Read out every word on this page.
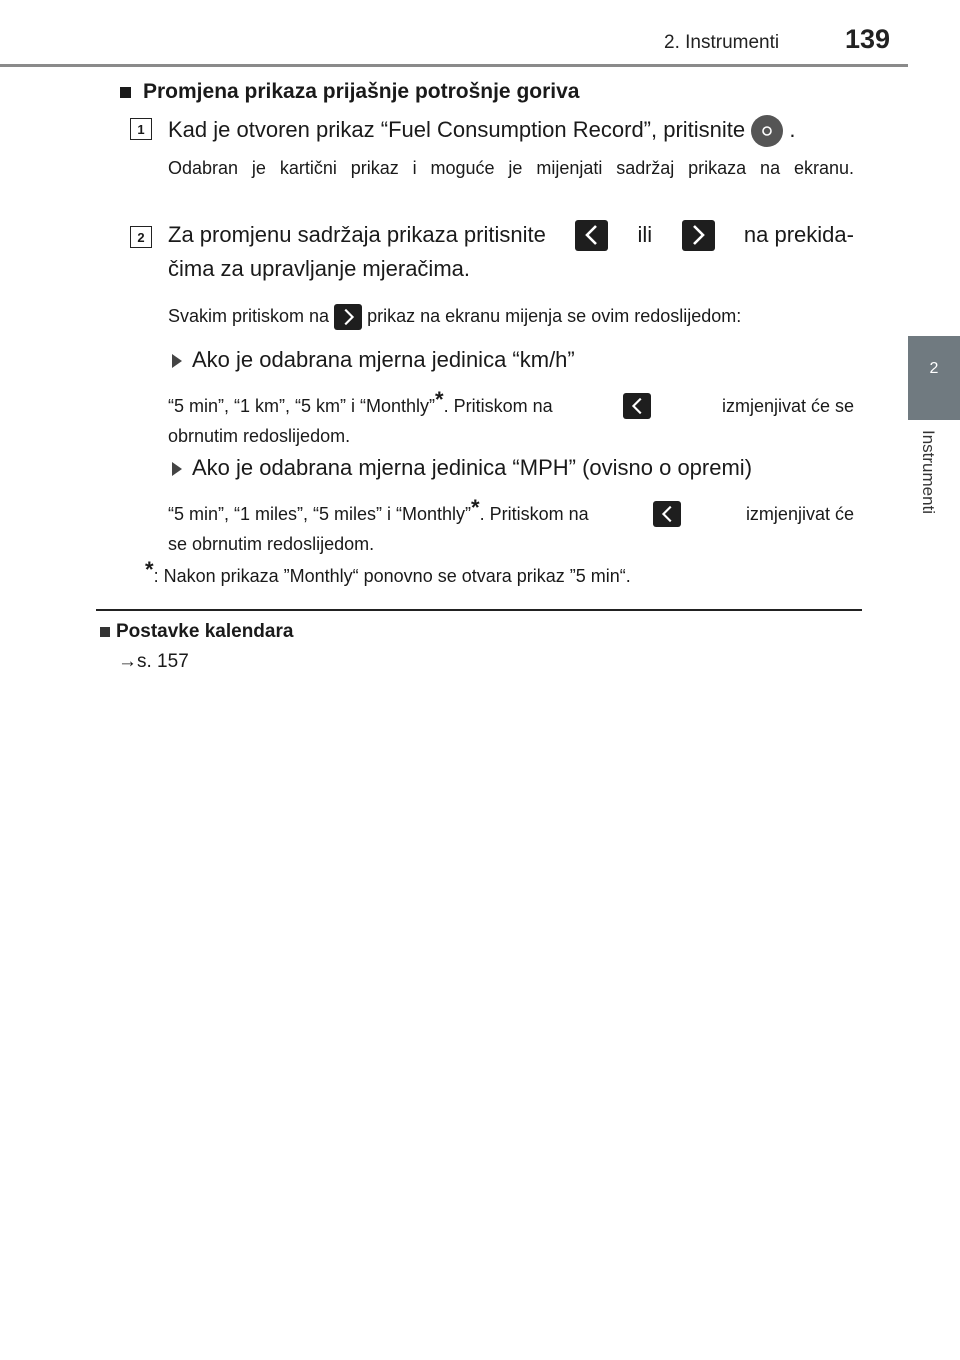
2. Instrumenti 139
2
Instrumenti
Promjena prikaza prijašnje potrošnje goriva
1	Kad je otvoren prikaz “Fuel Consumption Record”, pritisnite .
Odabran je kartični prikaz i moguće je mijenjati sadržaj prikaza na ekranu.
2	Za promjenu sadržaja prikaza pritisnite	ili	na prekida-
čima za upravljanje mjeračima.
Svakim pritiskom na prikaz na ekranu mijenja se ovim redoslijedom:
Ako je odabrana mjerna jedinica “km/h”
“5 min”, “1 km”, “5 km” i “Monthly”*. Pritiskom na	izmjenjivat će se
obrnutim redoslijedom.
Ako je odabrana mjerna jedinica “MPH” (ovisno o opremi)
“5 min”, “1 miles”, “5 miles” i “Monthly”*. Pritiskom na	izmjenjivat će
se obrnutim redoslijedom.
*: Nakon prikaza ”Monthly“ ponovno se otvara prikaz ”5 min“.
Postavke kalendara
→s. 157
